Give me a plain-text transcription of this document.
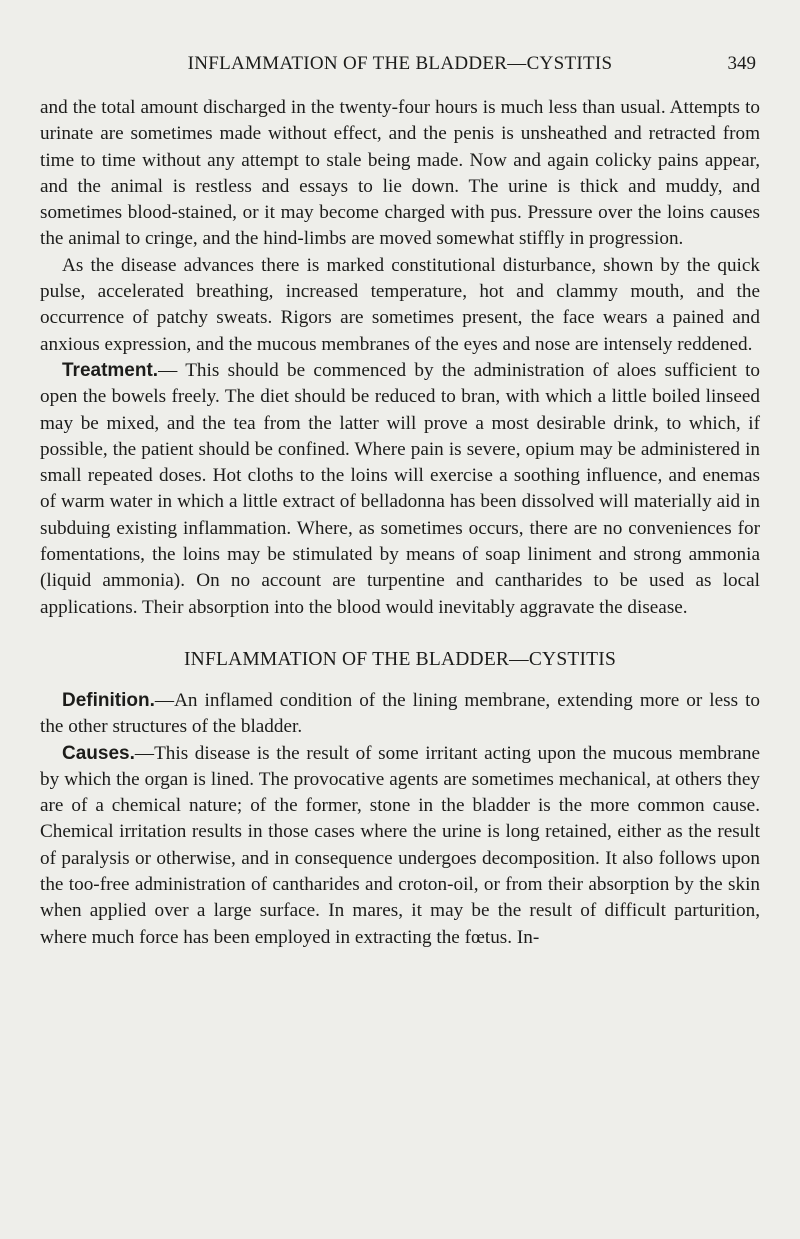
INFLAMMATION OF THE BLADDER—CYSTITIS	349

and the total amount discharged in the twenty-four hours is much less than usual. Attempts to urinate are sometimes made without effect, and the penis is unsheathed and retracted from time to time without any attempt to stale being made. Now and again colicky pains appear, and the animal is restless and essays to lie down. The urine is thick and muddy, and sometimes blood-stained, or it may become charged with pus. Pressure over the loins causes the animal to cringe, and the hind-limbs are moved somewhat stiffly in progression.

As the disease advances there is marked constitutional disturbance, shown by the quick pulse, accelerated breathing, increased temperature, hot and clammy mouth, and the occurrence of patchy sweats. Rigors are sometimes present, the face wears a pained and anxious expression, and the mucous membranes of the eyes and nose are intensely reddened.

Treatment.— This should be commenced by the administration of aloes sufficient to open the bowels freely. The diet should be reduced to bran, with which a little boiled linseed may be mixed, and the tea from the latter will prove a most desirable drink, to which, if possible, the patient should be confined. Where pain is severe, opium may be administered in small repeated doses. Hot cloths to the loins will exercise a soothing influence, and enemas of warm water in which a little extract of belladonna has been dissolved will materially aid in subduing existing inflammation. Where, as sometimes occurs, there are no conveniences for fomentations, the loins may be stimulated by means of soap liniment and strong ammonia (liquid ammonia). On no account are turpentine and cantharides to be used as local applications. Their absorption into the blood would inevitably aggravate the disease.

INFLAMMATION OF THE BLADDER—CYSTITIS

Definition.—An inflamed condition of the lining membrane, extending more or less to the other structures of the bladder.

Causes.—This disease is the result of some irritant acting upon the mucous membrane by which the organ is lined. The provocative agents are sometimes mechanical, at others they are of a chemical nature; of the former, stone in the bladder is the more common cause. Chemical irritation results in those cases where the urine is long retained, either as the result of paralysis or otherwise, and in consequence undergoes decomposition. It also follows upon the too-free administration of cantharides and croton-oil, or from their absorption by the skin when applied over a large surface. In mares, it may be the result of difficult parturition, where much force has been employed in extracting the fœtus. In-
